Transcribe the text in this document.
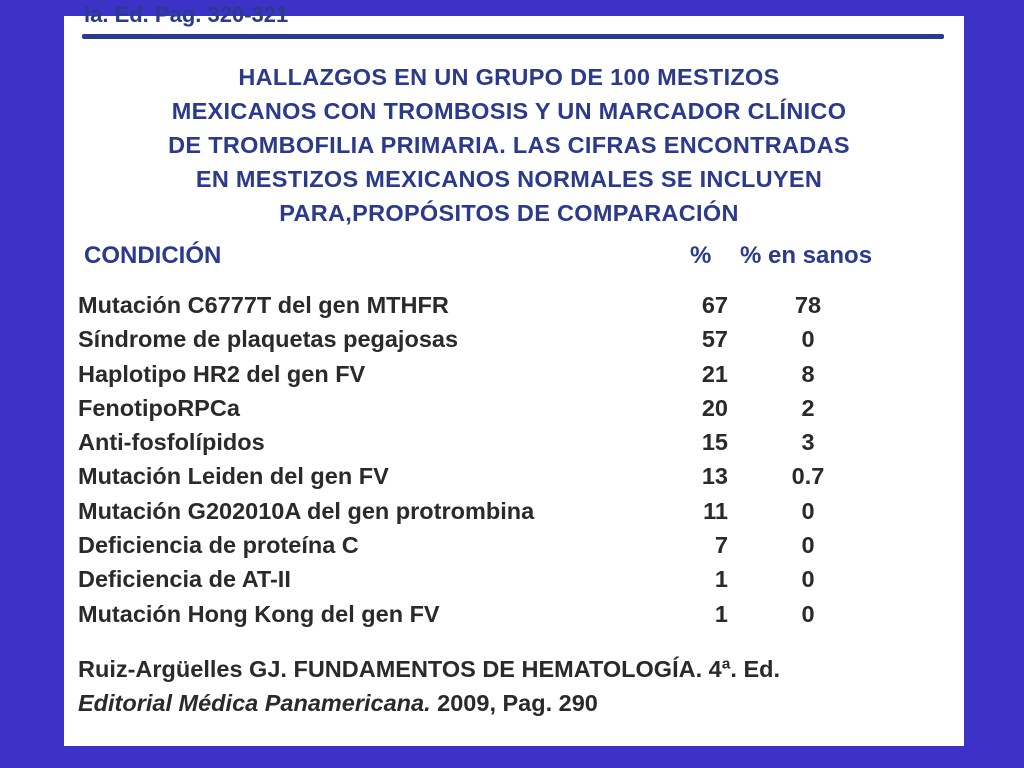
la. Ed. Pag. 320-321
HALLAZGOS EN UN GRUPO DE 100 MESTIZOS
MEXICANOS CON TROMBOSIS Y UN MARCADOR CLÍNICO
DE TROMBOFILIA PRIMARIA. LAS CIFRAS ENCONTRADAS
EN MESTIZOS MEXICANOS NORMALES SE INCLUYEN
PARA,PROPÓSITOS DE COMPARACIÓN
CONDICIÓN	% % en sanos
Mutación C6777T del gen MTHFR	67	78
Síndrome de plaquetas pegajosas	57	0
Haplotipo HR2 del gen FV	21	8
FenotipoRPCa	20	2
Anti-fosfolípidos	15	3
Mutación Leiden del gen FV	13	0.7
Mutación G202010A del gen protrombina	11	0
Deficiencia de proteína C	7	0
Deficiencia de AT-II	1	0
Mutación Hong Kong del gen FV	1	0
Ruiz-Argüelles GJ. FUNDAMENTOS DE HEMATOLOGÍA. 4ª. Ed.
Editorial Médica Panamericana. 2009, Pag. 290
